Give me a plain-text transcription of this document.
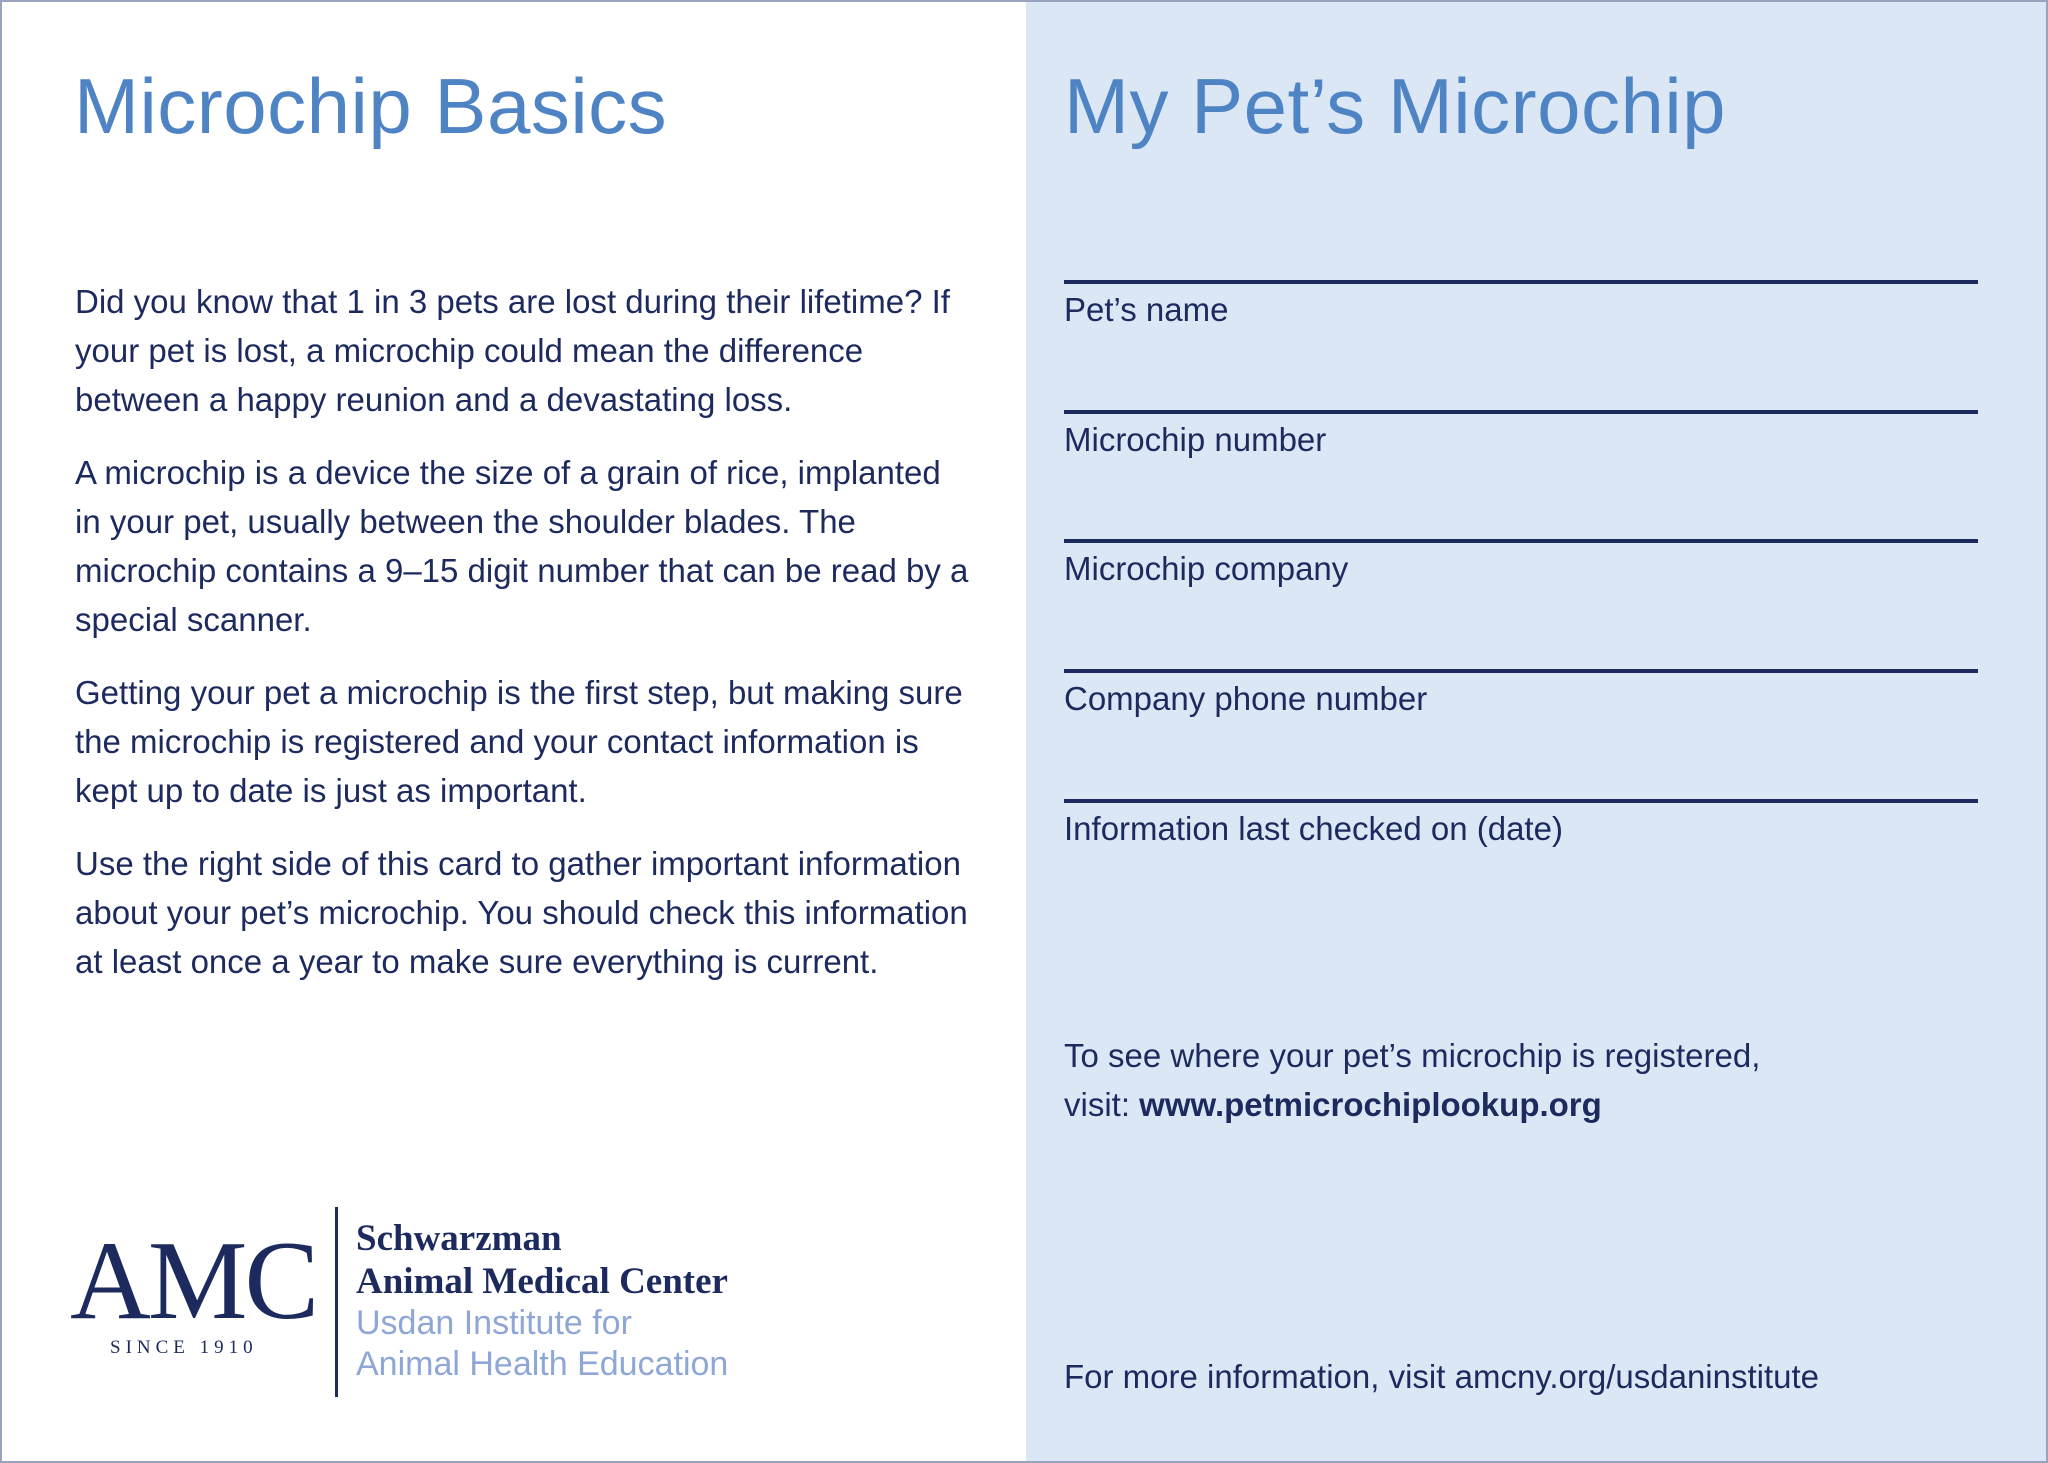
Microchip Basics

Did you know that 1 in 3 pets are lost during their lifetime? If your pet is lost, a microchip could mean the difference between a happy reunion and a devastating loss.

A microchip is a device the size of a grain of rice, implanted in your pet, usually between the shoulder blades. The microchip contains a 9–15 digit number that can be read by a special scanner.

Getting your pet a microchip is the first step, but making sure the microchip is registered and your contact information is kept up to date is just as important.

Use the right side of this card to gather important information about your pet’s microchip. You should check this information at least once a year to make sure everything is current.

AMC
SINCE 1910
Schwarzman
Animal Medical Center
Usdan Institute for
Animal Health Education
My Pet’s Microchip
Pet’s name
Microchip number
Microchip company
Company phone number
Information last checked on (date)
To see where your pet’s microchip is registered,
visit: www.petmicrochiplookup.org
For more information, visit amcny.org/usdaninstitute
